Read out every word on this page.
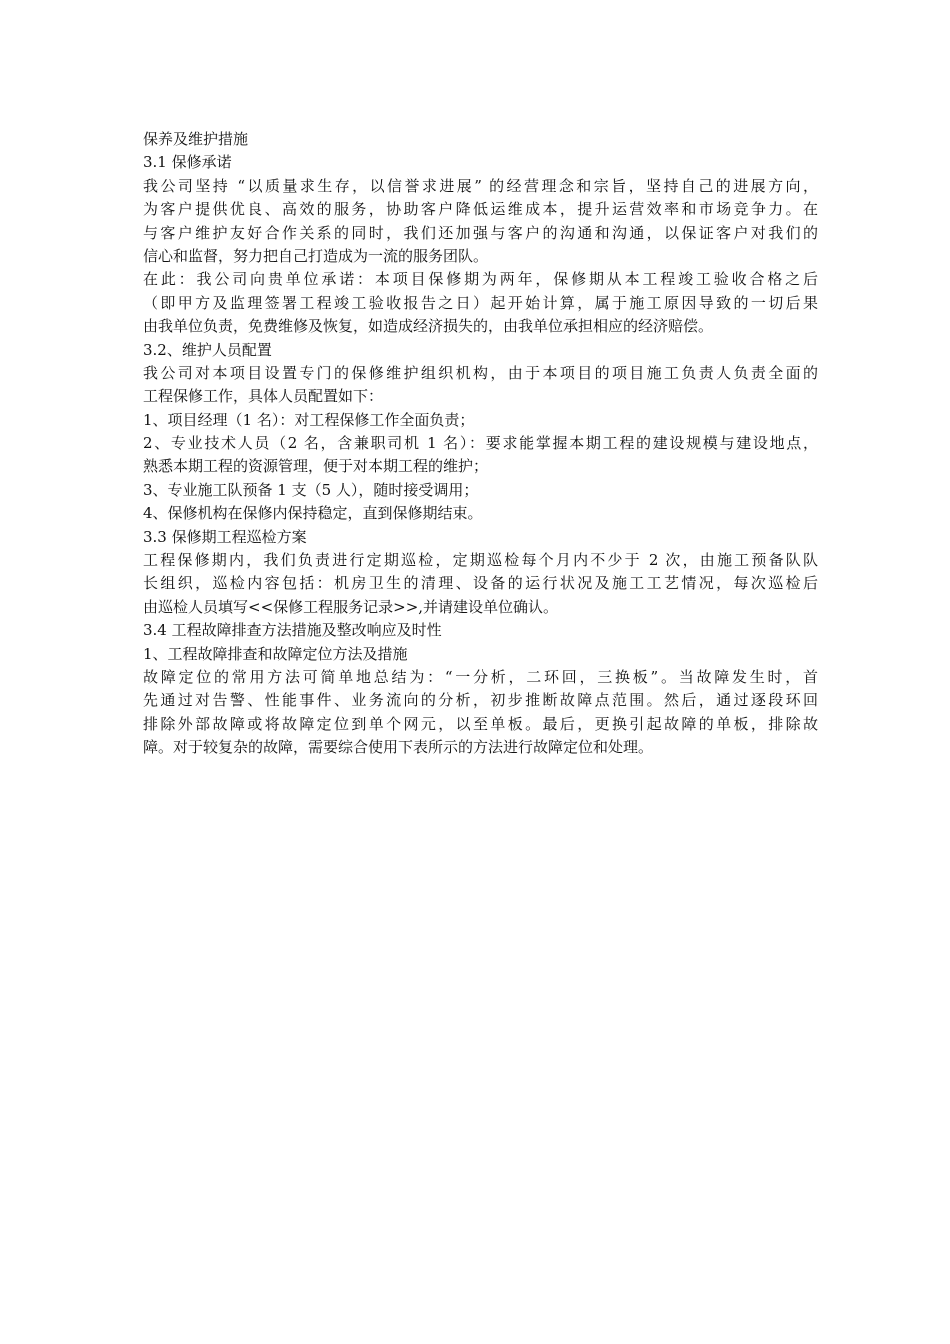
保养及维护措施
3.1 保修承诺
我公司坚持 “以质量求生存，以信誉求进展” 的经营理念和宗旨，坚持自己的进展方向，
为客户提供优良、高效的服务，协助客户降低运维成本，提升运营效率和市场竞争力。在
与客户维护友好合作关系的同时，我们还加强与客户的沟通和沟通，以保证客户对我们的
信心和监督，努力把自己打造成为一流的服务团队。
在此：我公司向贵单位承诺：本项目保修期为两年，保修期从本工程竣工验收合格之后
（即甲方及监理签署工程竣工验收报告之日）起开始计算，属于施工原因导致的一切后果
由我单位负责，免费维修及恢复，如造成经济损失的，由我单位承担相应的经济赔偿。
3.2、维护人员配置
我公司对本项目设置专门的保修维护组织机构，由于本项目的项目施工负责人负责全面的
工程保修工作，具体人员配置如下：
1、项目经理（1 名）：对工程保修工作全面负责；
2、专业技术人员（2 名，含兼职司机 1 名）：要求能掌握本期工程的建设规模与建设地点，
熟悉本期工程的资源管理，便于对本期工程的维护；
3、专业施工队预备 1 支（5 人），随时接受调用；
4、保修机构在保修内保持稳定，直到保修期结束。
3.3 保修期工程巡检方案
工程保修期内，我们负责进行定期巡检，定期巡检每个月内不少于 2 次，由施工预备队队
长组织，巡检内容包括：机房卫生的清理、设备的运行状况及施工工艺情况，每次巡检后
由巡检人员填写<<保修工程服务记录>>,并请建设单位确认。
3.4 工程故障排查方法措施及整改响应及时性
1、工程故障排查和故障定位方法及措施
故障定位的常用方法可简单地总结为：“一分析，二环回，三换板”。当故障发生时，首
先通过对告警、性能事件、业务流向的分析，初步推断故障点范围。然后，通过逐段环回
排除外部故障或将故障定位到单个网元，以至单板。最后，更换引起故障的单板，排除故
障。对于较复杂的故障，需要综合使用下表所示的方法进行故障定位和处理。
